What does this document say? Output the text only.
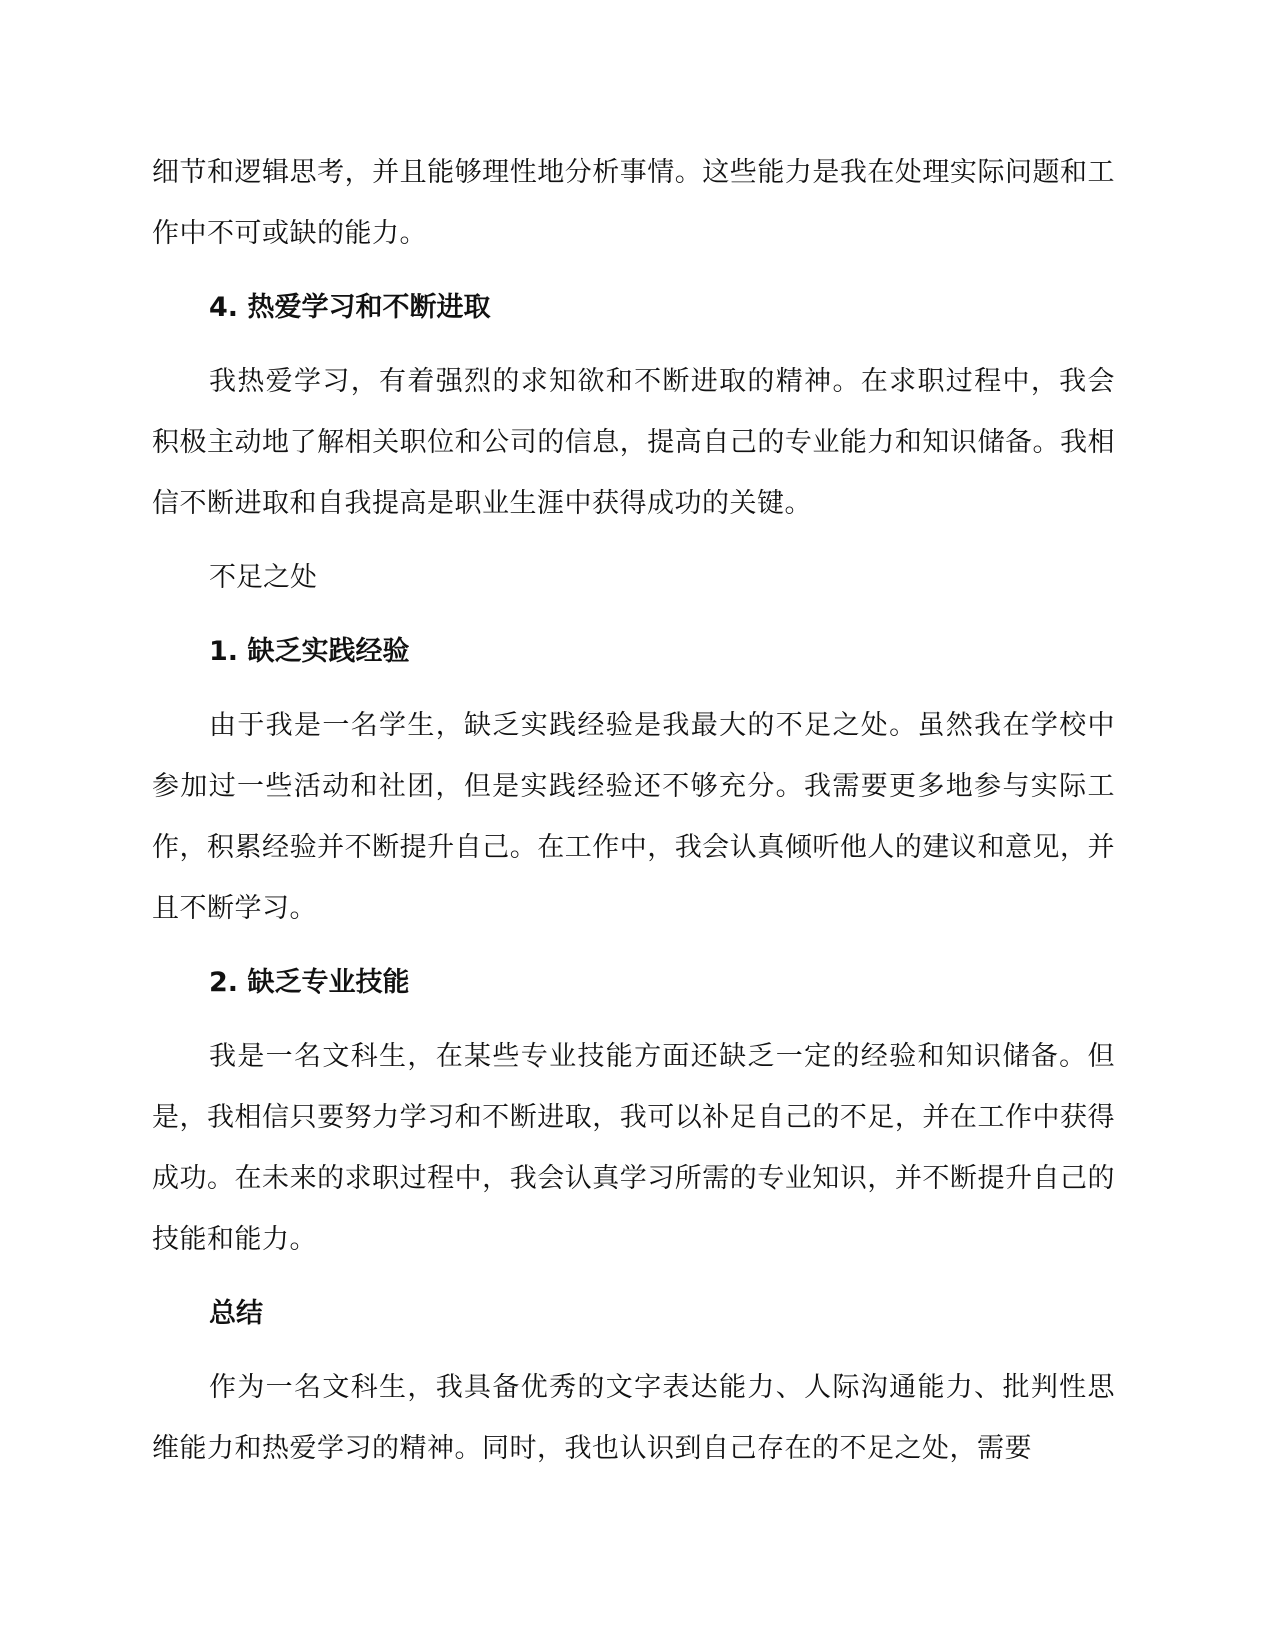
细节和逻辑思考，并且能够理性地分析事情。这些能力是我在处理实际问题和工作中不可或缺的能力。

4. 热爱学习和不断进取

我热爱学习，有着强烈的求知欲和不断进取的精神。在求职过程中，我会积极主动地了解相关职位和公司的信息，提高自己的专业能力和知识储备。我相信不断进取和自我提高是职业生涯中获得成功的关键。

不足之处

1. 缺乏实践经验

由于我是一名学生，缺乏实践经验是我最大的不足之处。虽然我在学校中参加过一些活动和社团，但是实践经验还不够充分。我需要更多地参与实际工作，积累经验并不断提升自己。在工作中，我会认真倾听他人的建议和意见，并且不断学习。

2. 缺乏专业技能

我是一名文科生，在某些专业技能方面还缺乏一定的经验和知识储备。但是，我相信只要努力学习和不断进取，我可以补足自己的不足，并在工作中获得成功。在未来的求职过程中，我会认真学习所需的专业知识，并不断提升自己的技能和能力。

总结

作为一名文科生，我具备优秀的文字表达能力、人际沟通能力、批判性思维能力和热爱学习的精神。同时，我也认识到自己存在的不足之处，需要
